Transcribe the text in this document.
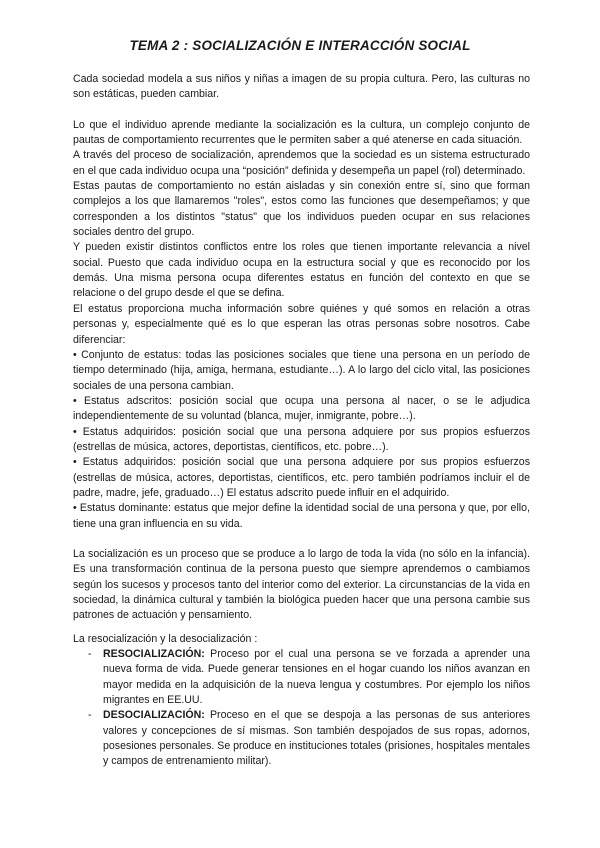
TEMA 2 : SOCIALIZACIÓN E INTERACCIÓN SOCIAL

Cada sociedad modela a sus niños y niñas a imagen de su propia cultura. Pero, las culturas no son estáticas, pueden cambiar.

Lo que el individuo aprende mediante la socialización es la cultura, un complejo conjunto de pautas de comportamiento recurrentes que le permiten saber a qué atenerse en cada situación.

A través del proceso de socialización, aprendemos que la sociedad es un sistema estructurado en el que cada individuo ocupa una “posición” definida y desempeña un papel (rol) determinado.

Estas pautas de comportamiento no están aisladas y sin conexión entre sí, sino que forman complejos a los que llamaremos "roles", estos como las funciones que desempeñamos; y que corresponden a los distintos "status" que los individuos pueden ocupar en sus relaciones sociales dentro del grupo.

Y pueden existir distintos conflictos entre los roles que tienen importante relevancia a nivel social. Puesto que cada individuo ocupa en la estructura social y que es reconocido por los demás. Una misma persona ocupa diferentes estatus en función del contexto en que se relacione o del grupo desde el que se defina.

El estatus proporciona mucha información sobre quiénes y qué somos en relación a otras personas y, especialmente qué es lo que esperan las otras personas sobre nosotros. Cabe diferenciar:

• Conjunto de estatus: todas las posiciones sociales que tiene una persona en un período de tiempo determinado (hija, amiga, hermana, estudiante…). A lo largo del ciclo vital, las posiciones sociales de una persona cambian.

• Estatus adscritos: posición social que ocupa una persona al nacer, o se le adjudica independientemente de su voluntad (blanca, mujer, inmigrante, pobre…).

• Estatus adquiridos: posición social que una persona adquiere por sus propios esfuerzos (estrellas de música, actores, deportistas, científicos, etc. pobre…).

• Estatus adquiridos: posición social que una persona adquiere por sus propios esfuerzos (estrellas de música, actores, deportistas, científicos, etc. pero también podríamos incluir el de padre, madre, jefe, graduado…) El estatus adscrito puede influir en el adquirido.

• Estatus dominante: estatus que mejor define la identidad social de una persona y que, por ello, tiene una gran influencia en su vida.

La socialización es un proceso que se produce a lo largo de toda la vida (no sólo en la infancia). Es una transformación continua de la persona puesto que siempre aprendemos o cambiamos según los sucesos y procesos tanto del interior como del exterior. La circunstancias de la vida en sociedad, la dinámica cultural y también la biológica pueden hacer que una persona cambie sus patrones de actuación y pensamiento.

La resocialización y la desocialización :

- RESOCIALIZACIÓN: Proceso por el cual una persona se ve forzada a aprender una nueva forma de vida. Puede generar tensiones en el hogar cuando los niños avanzan en mayor medida en la adquisición de la nueva lengua y costumbres. Por ejemplo los niños migrantes en EE.UU.
- DESOCIALIZACIÓN: Proceso en el que se despoja a las personas de sus anteriores valores y concepciones de sí mismas. Son también despojados de sus ropas, adornos, posesiones personales. Se produce en instituciones totales (prisiones, hospitales mentales y campos de entrenamiento militar).
